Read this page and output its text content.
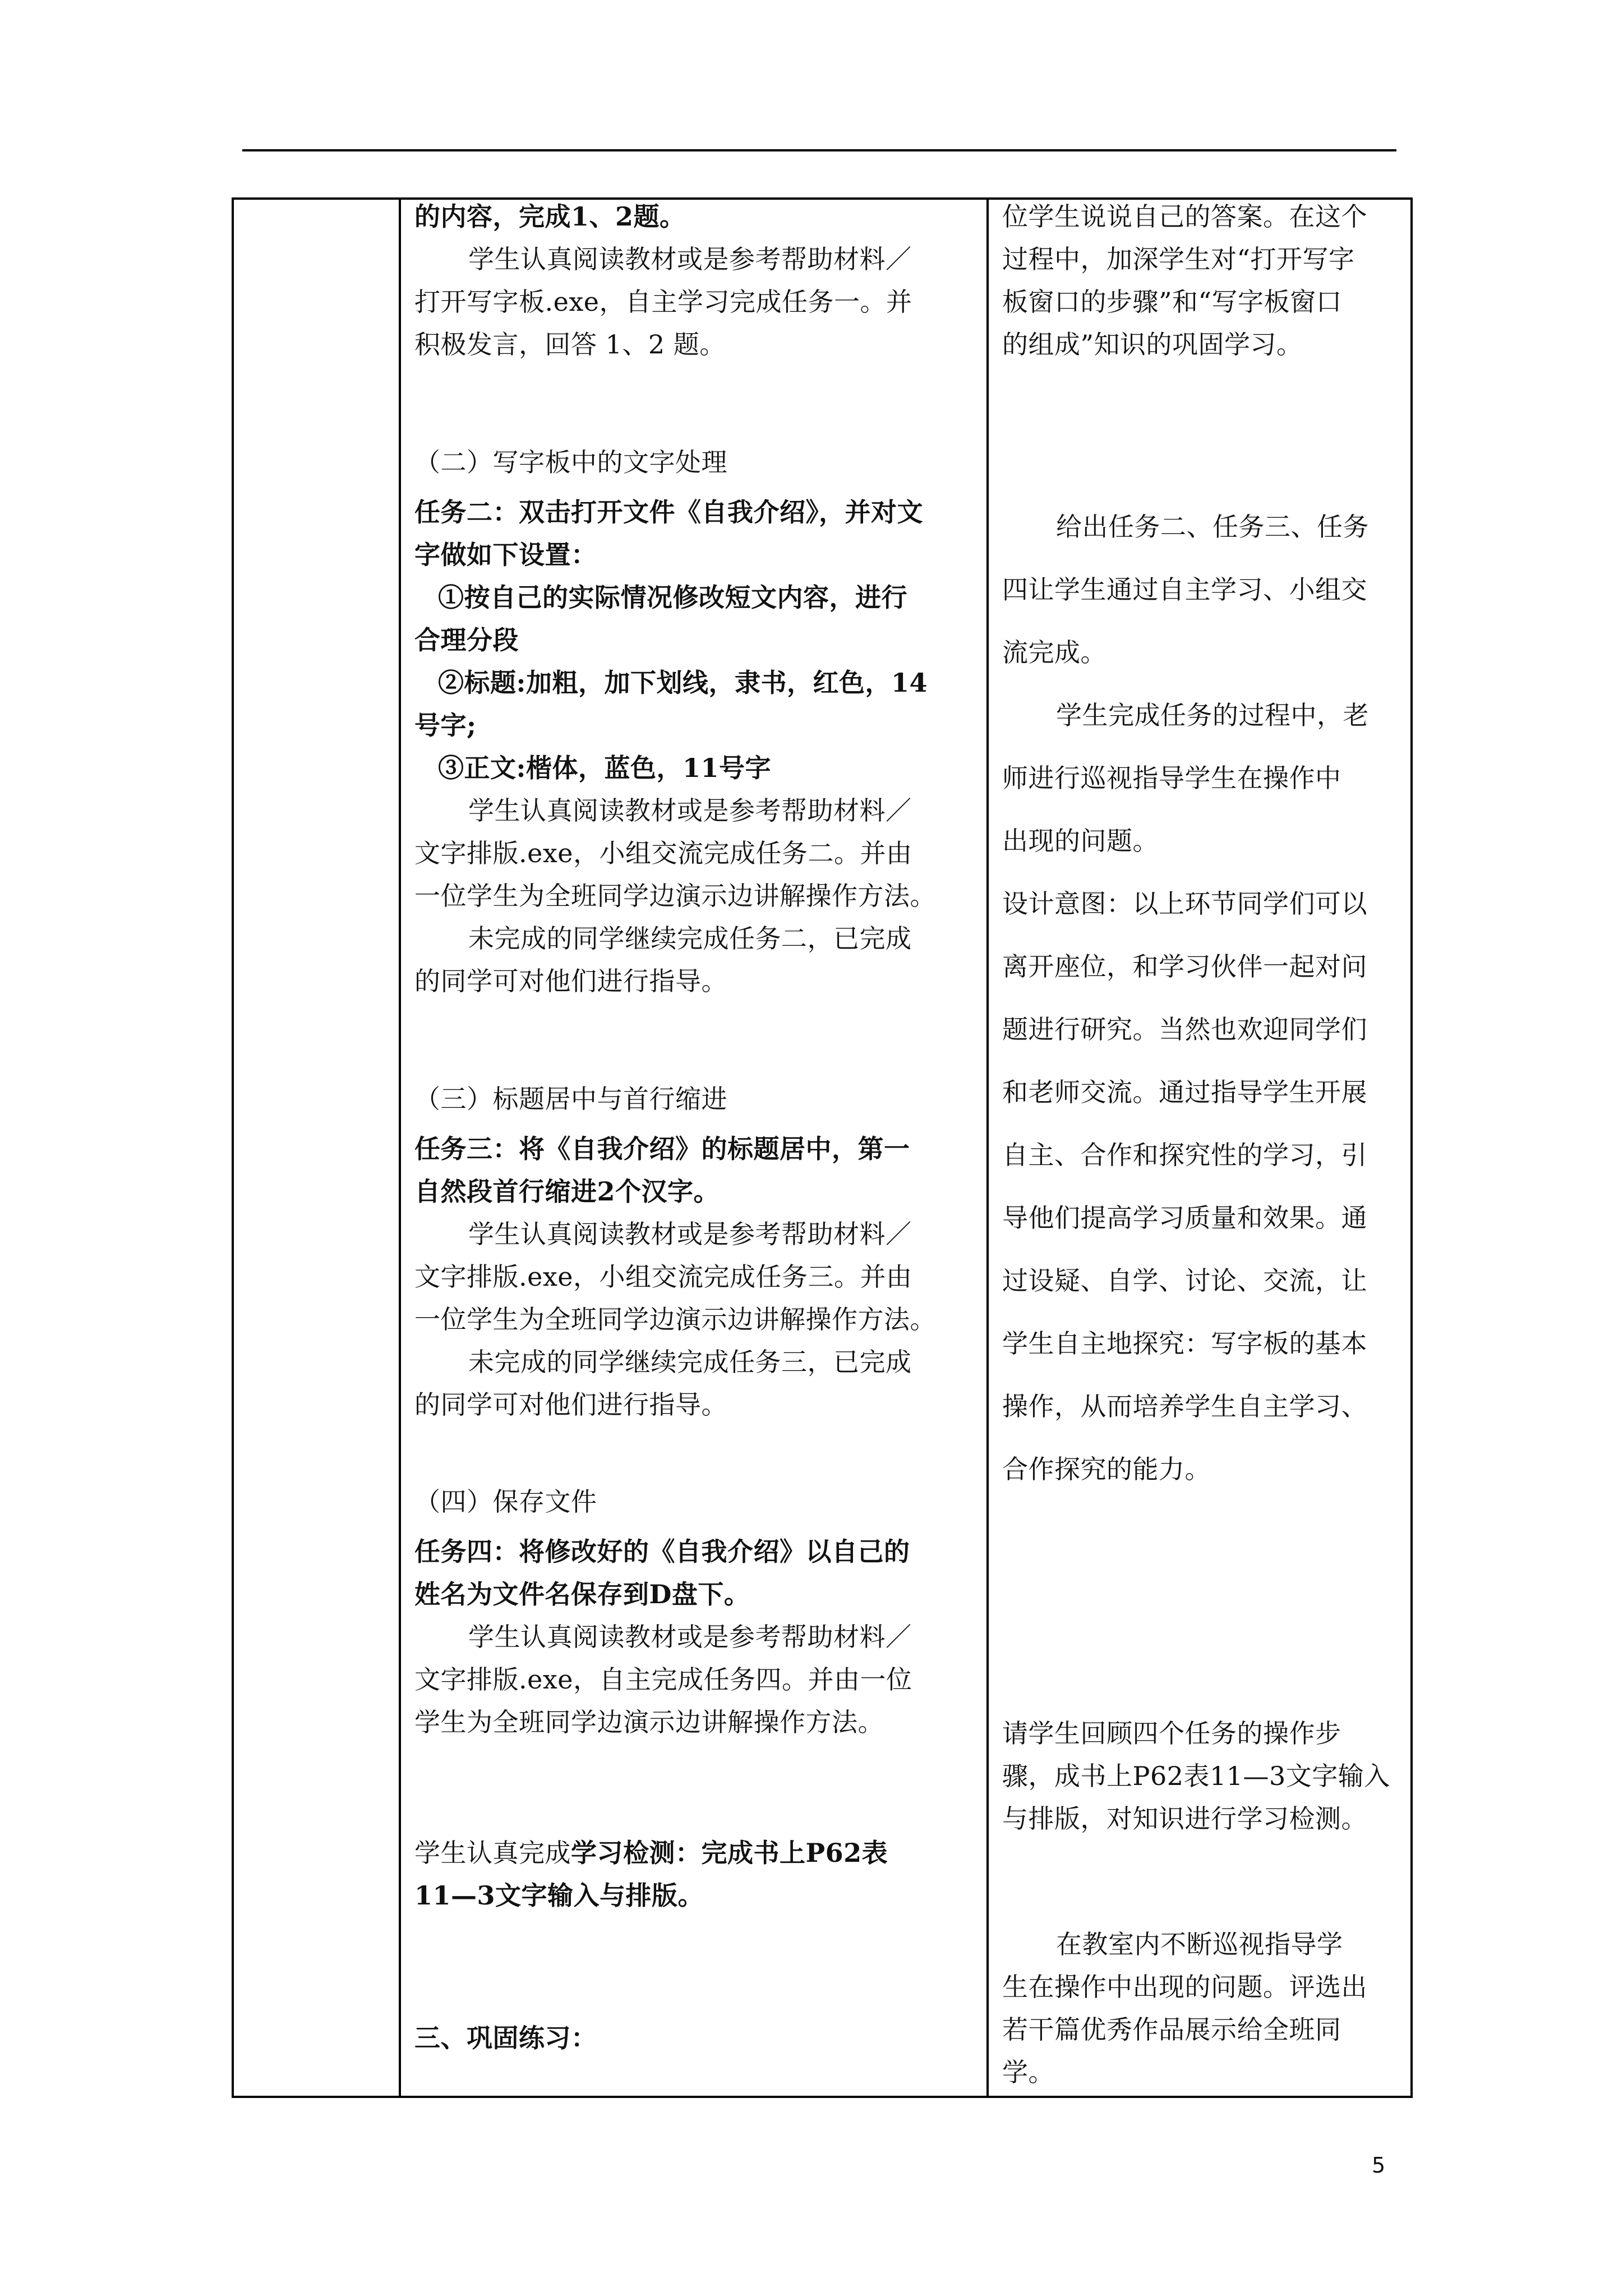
的内容，完成1、2题。
学生认真阅读教材或是参考帮助材料／
打开写字板.exe，自主学习完成任务一。并
积极发言，回答 1、2 题。
（二）写字板中的文字处理
任务二：双击打开文件《自我介绍》，并对文
字做如下设置：
①按自己的实际情况修改短文内容，进行
合理分段
②标题:加粗，加下划线，隶书，红色，14
号字;
③正文:楷体，蓝色，11号字
学生认真阅读教材或是参考帮助材料／
文字排版.exe，小组交流完成任务二。并由
一位学生为全班同学边演示边讲解操作方法。
未完成的同学继续完成任务二，已完成
的同学可对他们进行指导。
（三）标题居中与首行缩进
任务三：将《自我介绍》的标题居中，第一
自然段首行缩进2个汉字。
学生认真阅读教材或是参考帮助材料／
文字排版.exe，小组交流完成任务三。并由
一位学生为全班同学边演示边讲解操作方法。
未完成的同学继续完成任务三，已完成
的同学可对他们进行指导。
（四）保存文件
任务四：将修改好的《自我介绍》以自己的
姓名为文件名保存到D盘下。
学生认真阅读教材或是参考帮助材料／
文字排版.exe，自主完成任务四。并由一位
学生为全班同学边演示边讲解操作方法。
学生认真完成学习检测：完成书上P62表
11—3文字输入与排版。
三、巩固练习：

位学生说说自己的答案。在这个
过程中，加深学生对“打开写字
板窗口的步骤”和“写字板窗口
的组成”知识的巩固学习。
给出任务二、任务三、任务
四让学生通过自主学习、小组交
流完成。
学生完成任务的过程中，老
师进行巡视指导学生在操作中
出现的问题。
设计意图：以上环节同学们可以
离开座位，和学习伙伴一起对问
题进行研究。当然也欢迎同学们
和老师交流。通过指导学生开展
自主、合作和探究性的学习，引
导他们提高学习质量和效果。通
过设疑、自学、讨论、交流，让
学生自主地探究：写字板的基本
操作，从而培养学生自主学习、
合作探究的能力。
请学生回顾四个任务的操作步
骤，成书上P62表11—3文字输入
与排版，对知识进行学习检测。
在教室内不断巡视指导学
生在操作中出现的问题。评选出
若干篇优秀作品展示给全班同
学。
5
